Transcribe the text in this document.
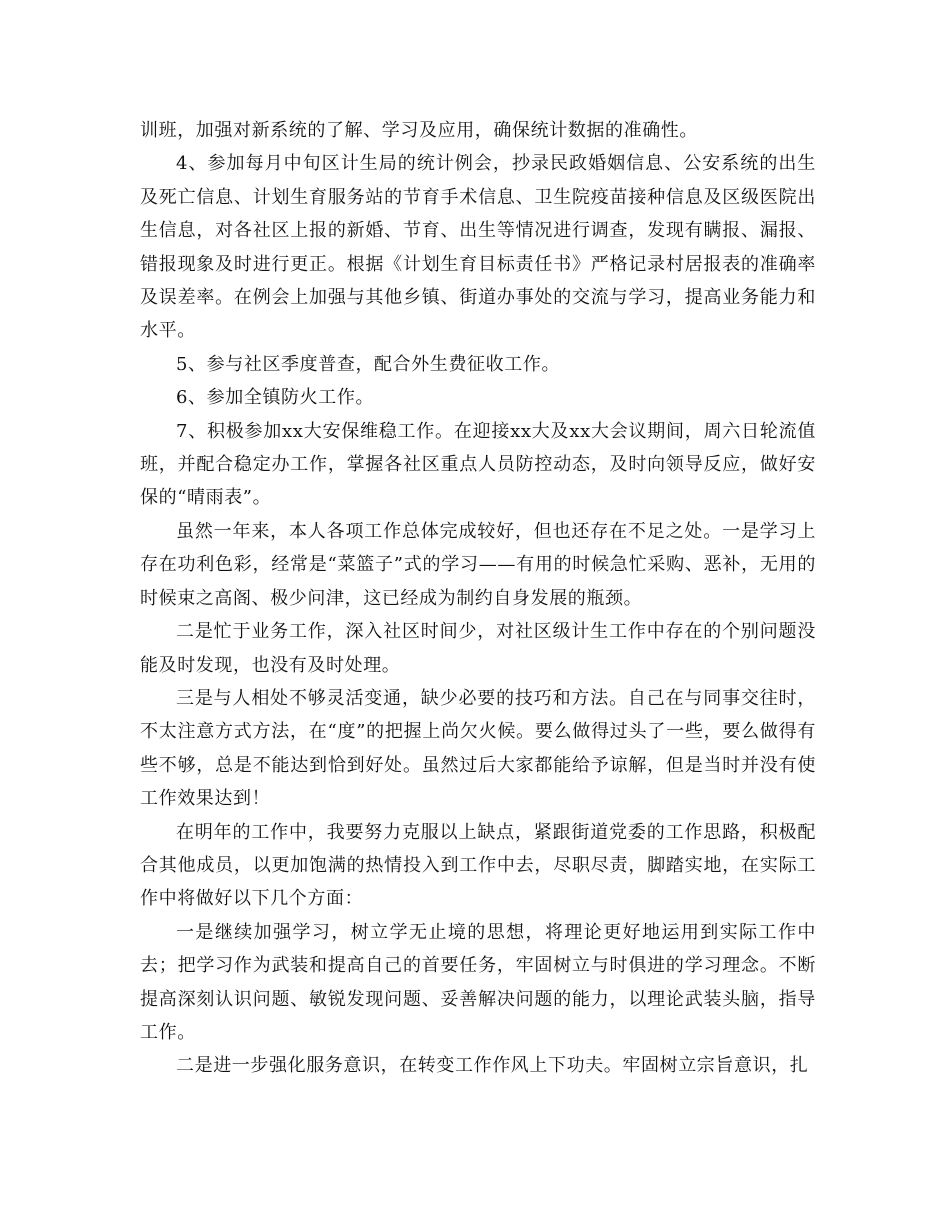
训班，加强对新系统的了解、学习及应用，确保统计数据的准确性。

4、参加每月中旬区计生局的统计例会，抄录民政婚姻信息、公安系统的出生及死亡信息、计划生育服务站的节育手术信息、卫生院疫苗接种信息及区级医院出生信息，对各社区上报的新婚、节育、出生等情况进行调查，发现有瞒报、漏报、错报现象及时进行更正。根据《计划生育目标责任书》严格记录村居报表的准确率及误差率。在例会上加强与其他乡镇、街道办事处的交流与学习，提高业务能力和水平。

5、参与社区季度普查，配合外生费征收工作。

6、参加全镇防火工作。

7、积极参加xx大安保维稳工作。在迎接xx大及xx大会议期间，周六日轮流值班，并配合稳定办工作，掌握各社区重点人员防控动态，及时向领导反应，做好安保的“晴雨表”。

虽然一年来，本人各项工作总体完成较好，但也还存在不足之处。一是学习上存在功利色彩，经常是“菜篮子”式的学习——有用的时候急忙采购、恶补，无用的时候束之高阁、极少问津，这已经成为制约自身发展的瓶颈。

二是忙于业务工作，深入社区时间少，对社区级计生工作中存在的个别问题没能及时发现，也没有及时处理。

三是与人相处不够灵活变通，缺少必要的技巧和方法。自己在与同事交往时，不太注意方式方法，在“度”的把握上尚欠火候。要么做得过头了一些，要么做得有些不够，总是不能达到恰到好处。虽然过后大家都能给予谅解，但是当时并没有使工作效果达到！

在明年的工作中，我要努力克服以上缺点，紧跟街道党委的工作思路，积极配合其他成员，以更加饱满的热情投入到工作中去，尽职尽责，脚踏实地，在实际工作中将做好以下几个方面：

一是继续加强学习，树立学无止境的思想，将理论更好地运用到实际工作中去；把学习作为武装和提高自己的首要任务，牢固树立与时俱进的学习理念。不断提高深刻认识问题、敏锐发现问题、妥善解决问题的能力，以理论武装头脑，指导工作。

二是进一步强化服务意识，在转变工作作风上下功夫。牢固树立宗旨意识，扎
